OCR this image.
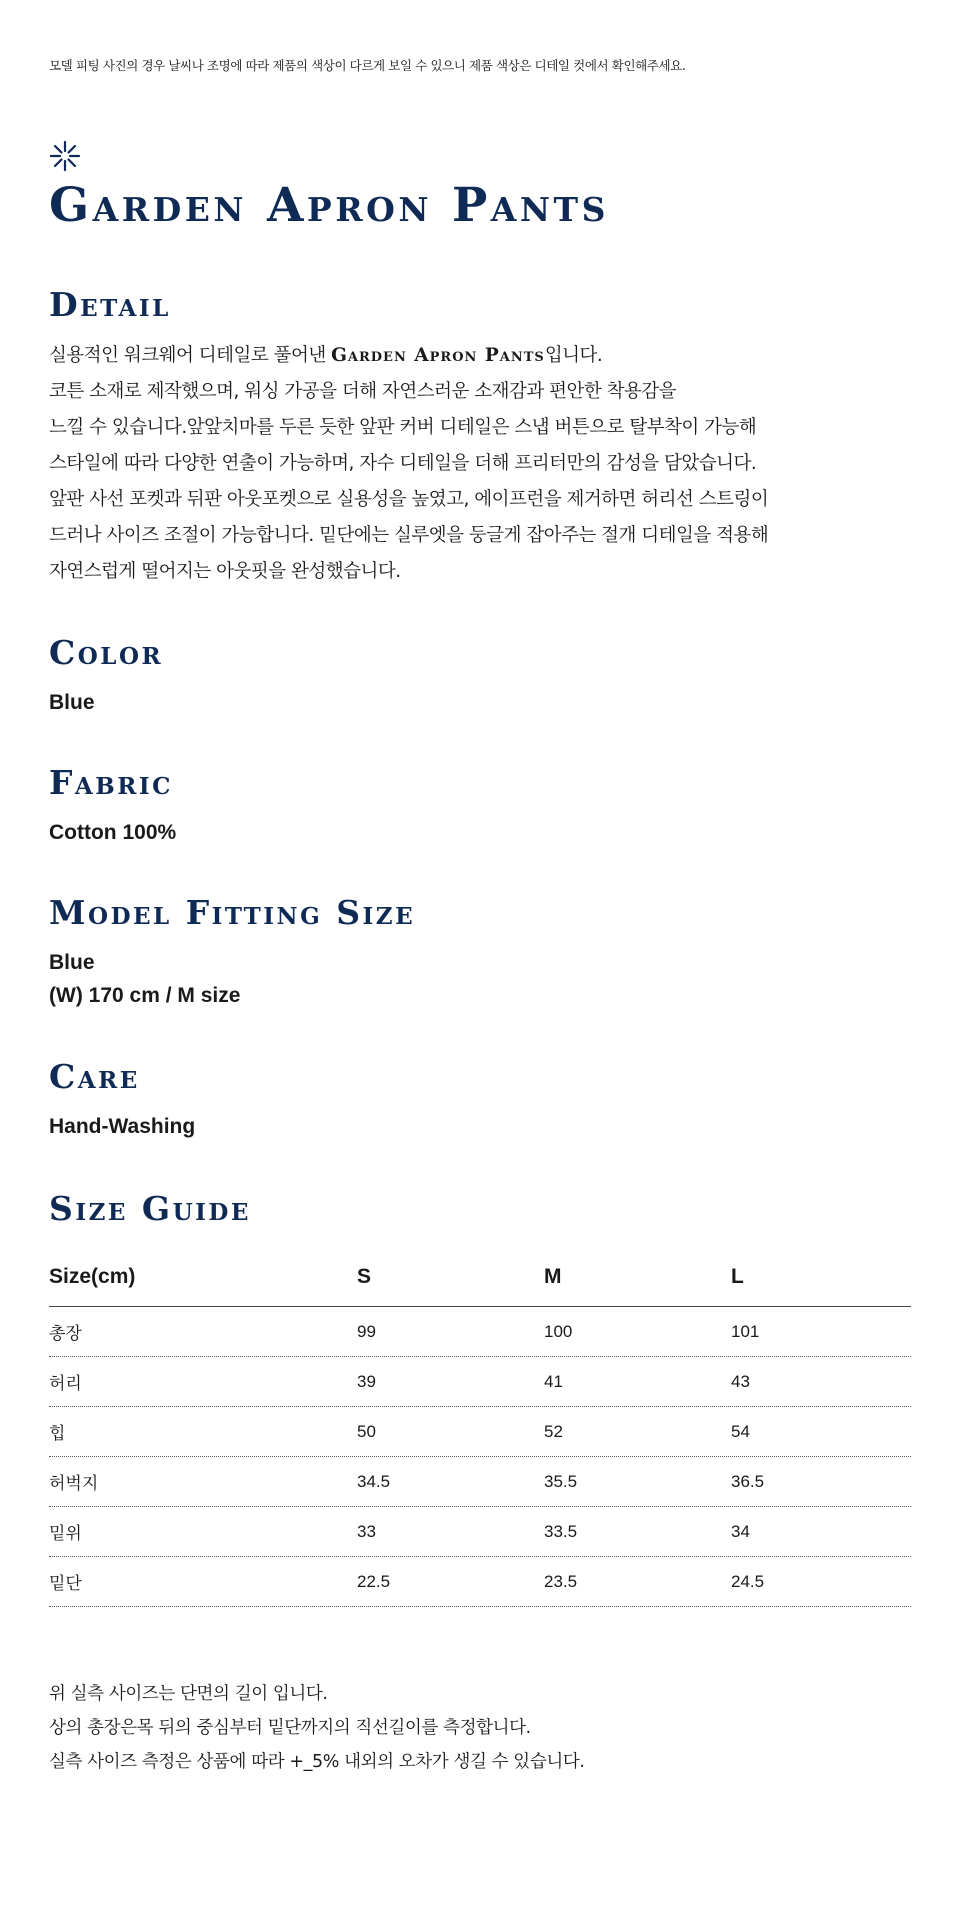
모델 피팅 사진의 경우 날씨나 조명에 따라 제품의 색상이 다르게 보일 수 있으니 제품 색상은 디테일 컷에서 확인해주세요.
Garden Apron Pants
Detail
실용적인 워크웨어 디테일로 풀어낸 Garden Apron Pants입니다.
코튼 소재로 제작했으며, 워싱 가공을 더해 자연스러운 소재감과 편안한 착용감을
느낄 수 있습니다.앞앞치마를 두른 듯한 앞판 커버 디테일은 스냅 버튼으로 탈부착이 가능해
스타일에 따라 다양한 연출이 가능하며, 자수 디테일을 더해 프리터만의 감성을 담았습니다.
앞판 사선 포켓과 뒤판 아웃포켓으로 실용성을 높였고, 에이프런을 제거하면 허리선 스트링이
드러나 사이즈 조절이 가능합니다. 밑단에는 실루엣을 둥글게 잡아주는 절개 디테일을 적용해
자연스럽게 떨어지는 아웃핏을 완성했습니다.
Color
Blue
Fabric
Cotton 100%
Model Fitting Size
Blue
(W) 170 cm / M size
Care
Hand-Washing
Size Guide
Size(cm)	S	M	L
총장	99	100	101
허리	39	41	43
힙	50	52	54
허벅지	34.5	35.5	36.5
밑위	33	33.5	34
밑단	22.5	23.5	24.5
위 실측 사이즈는 단면의 길이 입니다.
상의 총장은목 뒤의 중심부터 밑단까지의 직선길이를 측정합니다.
실측 사이즈 측정은 상품에 따라 +_5% 내외의 오차가 생길 수 있습니다.
